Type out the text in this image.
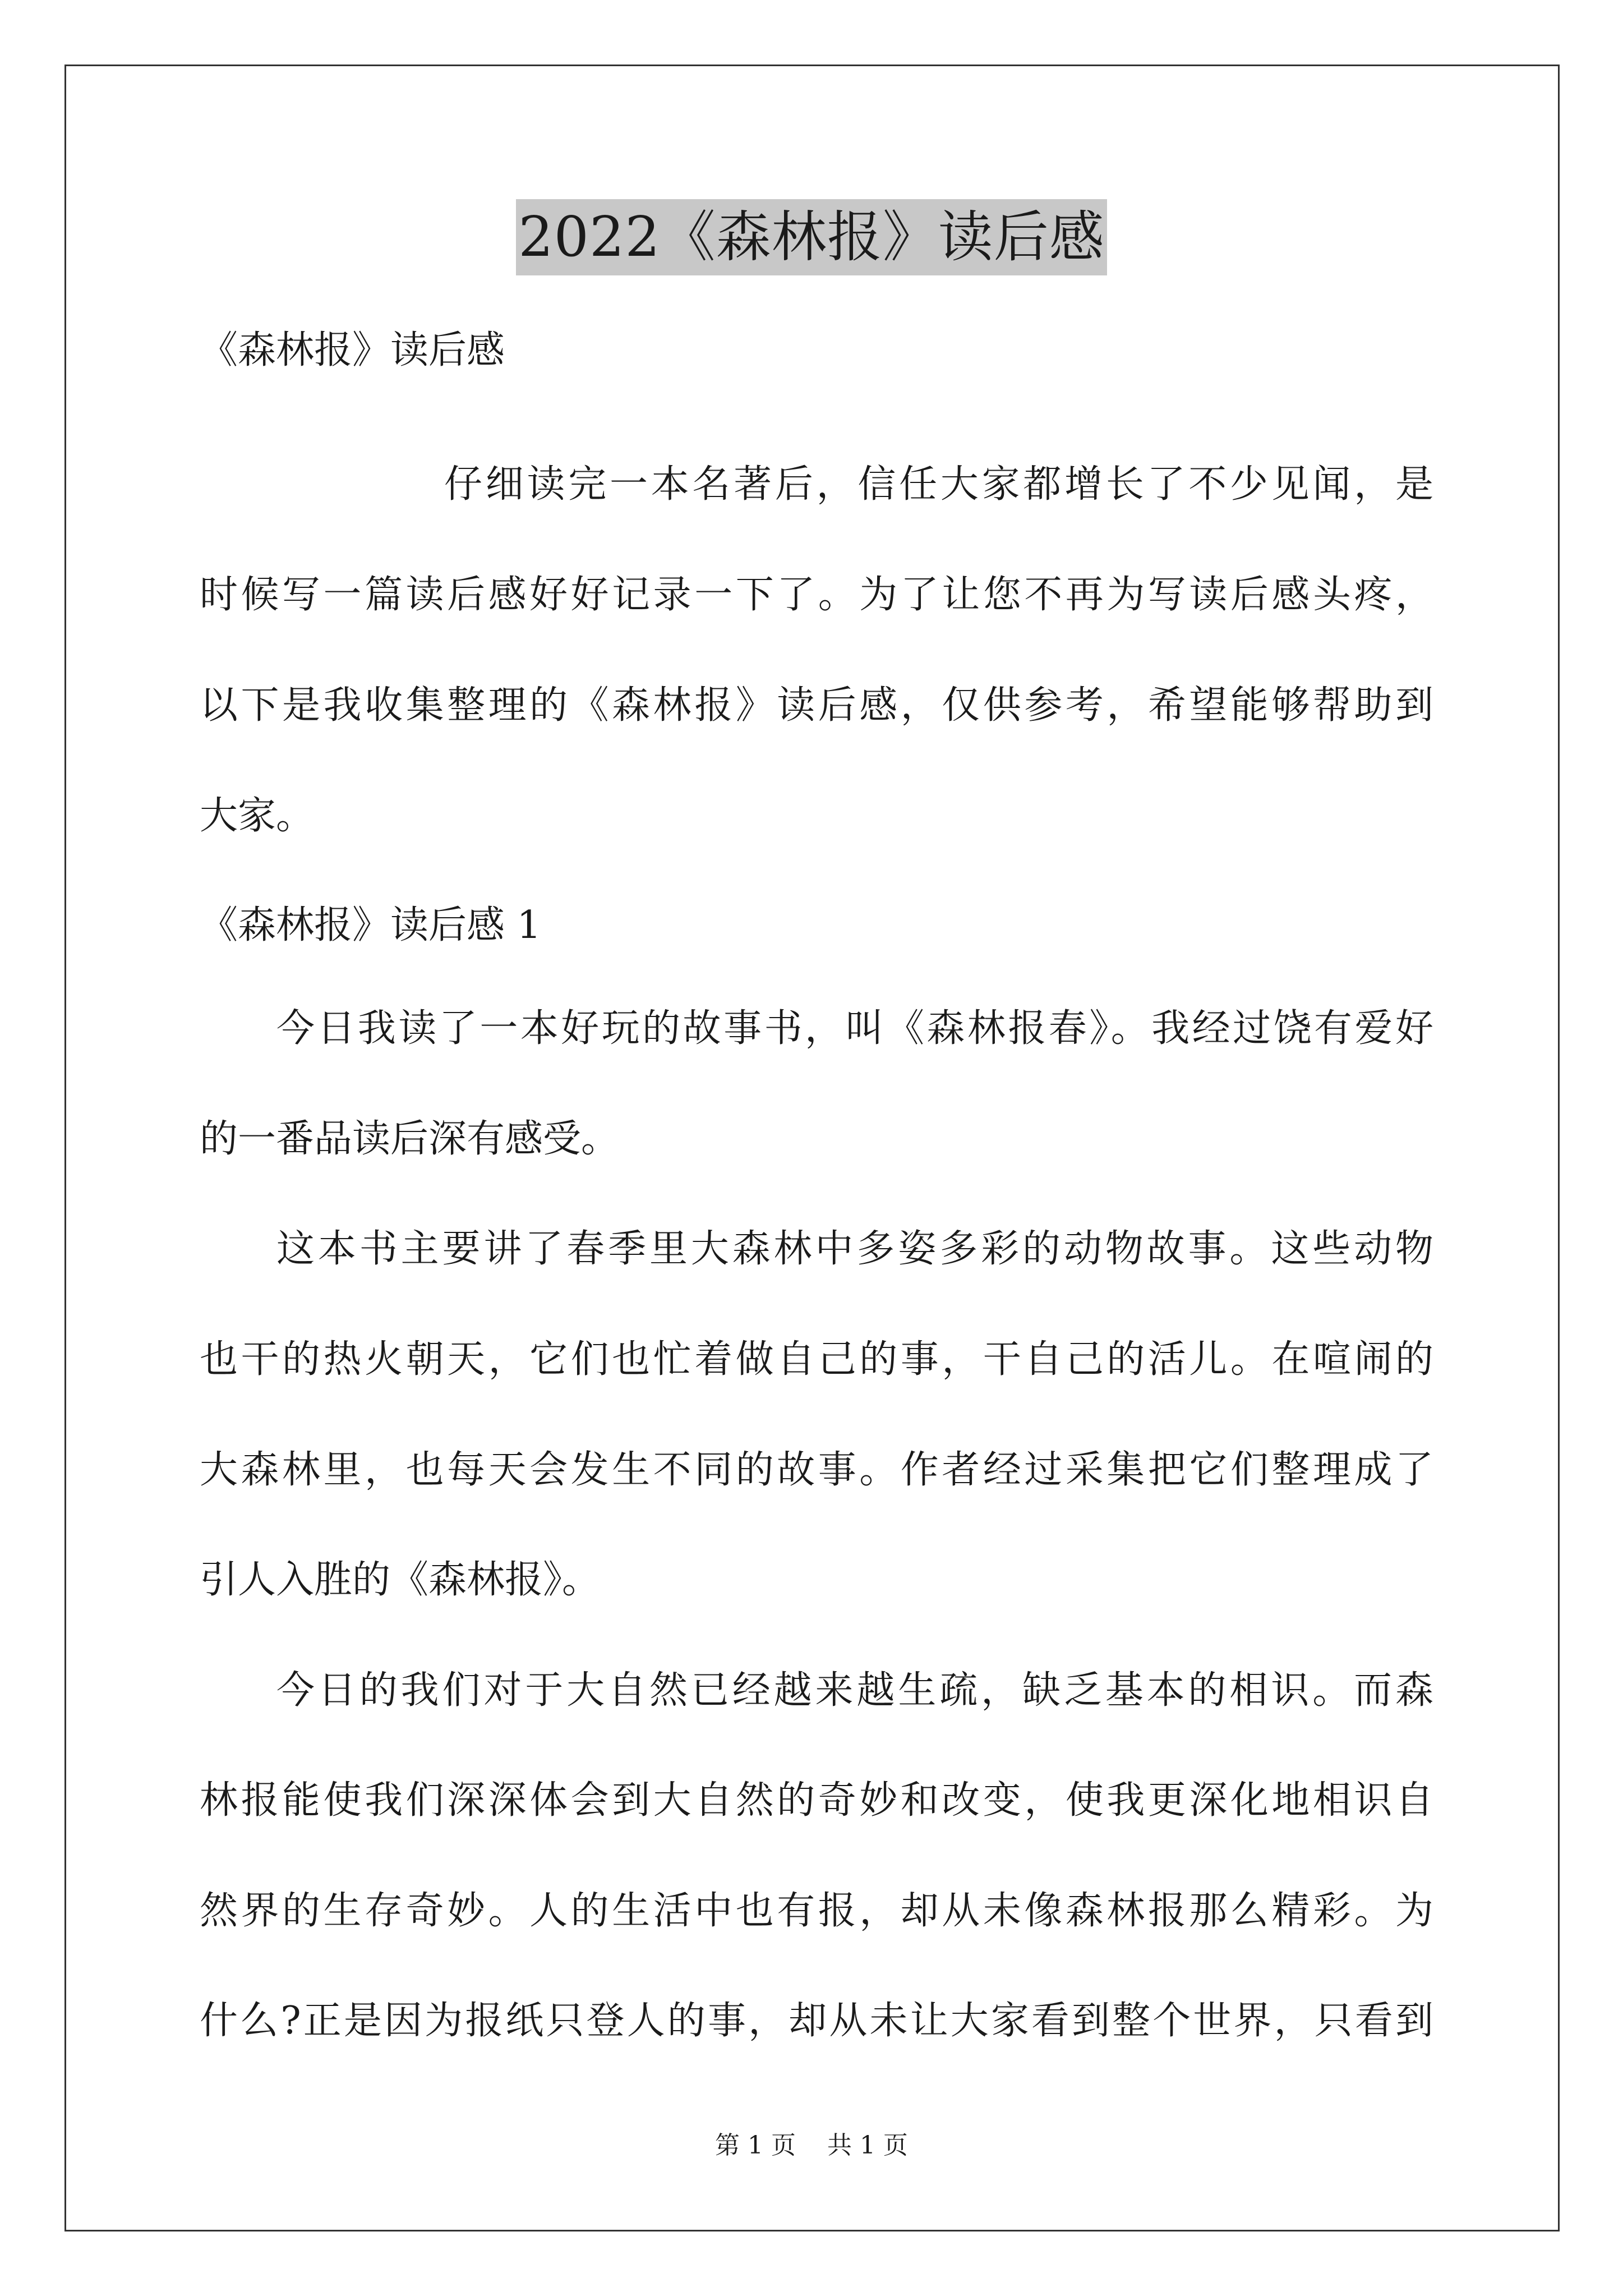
2022《森林报》读后感
《森林报》读后感
仔细读完一本名著后，信任大家都增长了不少见闻，是
时候写一篇读后感好好记录一下了。为了让您不再为写读后感头疼，
以下是我收集整理的《森林报》读后感，仅供参考，希望能够帮助到
大家。
《森林报》读后感 1
今日我读了一本好玩的故事书，叫《森林报春》。我经过饶有爱好
的一番品读后深有感受。
这本书主要讲了春季里大森林中多姿多彩的动物故事。这些动物
也干的热火朝天，它们也忙着做自己的事，干自己的活儿。在喧闹的
大森林里，也每天会发生不同的故事。作者经过采集把它们整理成了
引人入胜的《森林报》。
今日的我们对于大自然已经越来越生疏，缺乏基本的相识。而森
林报能使我们深深体会到大自然的奇妙和改变，使我更深化地相识自
然界的生存奇妙。人的生活中也有报，却从未像森林报那么精彩。为
什么?正是因为报纸只登人的事，却从未让大家看到整个世界，只看到
第 1 页    共 1 页
